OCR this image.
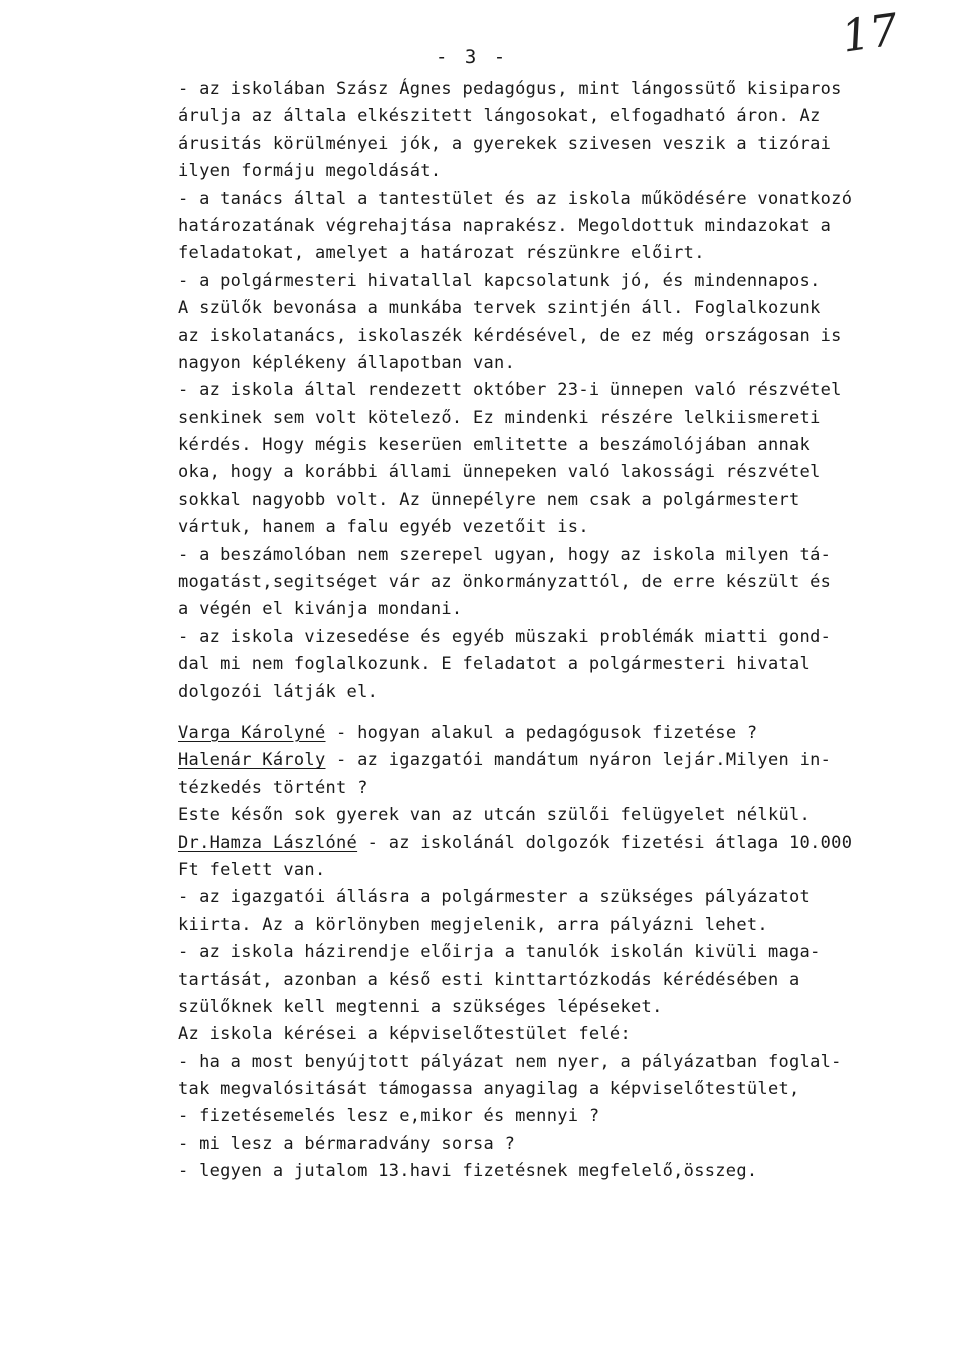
- 3 -	17
- az iskolában Szász Ágnes pedagógus, mint lángossütő kisiparos
árulja az általa elkészitett lángosokat, elfogadható áron. Az
árusitás körülményei jók, a gyerekek szivesen veszik a tizórai
ilyen formáju megoldását.
- a tanács által a tantestület és az iskola működésére vonatkozó
határozatának végrehajtása naprakész. Megoldottuk mindazokat a
feladatokat, amelyet a határozat részünkre előirt.
- a polgármesteri hivatallal kapcsolatunk jó, és mindennapos.
A szülők bevonása a munkába tervek szintjén áll. Foglalkozunk
az iskolatanács, iskolaszék kérdésével, de ez még országosan is
nagyon képlékeny állapotban van.
- az iskola által rendezett október 23-i ünnepen való részvétel
senkinek sem volt kötelező. Ez mindenki részére lelkiismereti
kérdés. Hogy mégis keserüen emlitette a beszámolójában annak
oka, hogy a korábbi állami ünnepeken való lakossági részvétel
sokkal nagyobb volt. Az ünnepélyre nem csak a polgármestert
vártuk, hanem a falu egyéb vezetőit is.
- a beszámolóban nem szerepel ugyan, hogy az iskola milyen tá-
mogatást,segitséget vár az önkormányzattól, de erre készült és
a végén el kivánja mondani.
- az iskola vizesedése és egyéb müszaki problémák miatti gond-
dal mi nem foglalkozunk. E feladatot a polgármesteri hivatal
dolgozói látják el.
Varga Károlyné - hogyan alakul a pedagógusok fizetése ?
Halenár Károly - az igazgatói mandátum nyáron lejár.Milyen in-
tézkedés történt ?
Este későn sok gyerek van az utcán szülői felügyelet nélkül.
Dr.Hamza Lászlóné - az iskolánál dolgozók fizetési átlaga 10.000
Ft felett van.
- az igazgatói állásra a polgármester a szükséges pályázatot
kiirta. Az a körlönyben megjelenik, arra pályázni lehet.
- az iskola házirendje előirja a tanulók iskolán kivüli maga-
tartását, azonban a késő esti kinttartózkodás kérédésében a
szülőknek kell megtenni a szükséges lépéseket.
Az iskola kérései a képviselőtestület felé:
- ha a most benyújtott pályázat nem nyer, a pályázatban foglal-
tak megvalósitását támogassa anyagilag a képviselőtestület,
- fizetésemelés lesz e,mikor és mennyi ?
- mi lesz a bérmaradvány sorsa ?
- legyen a jutalom 13.havi fizetésnek megfelelő,összeg.
